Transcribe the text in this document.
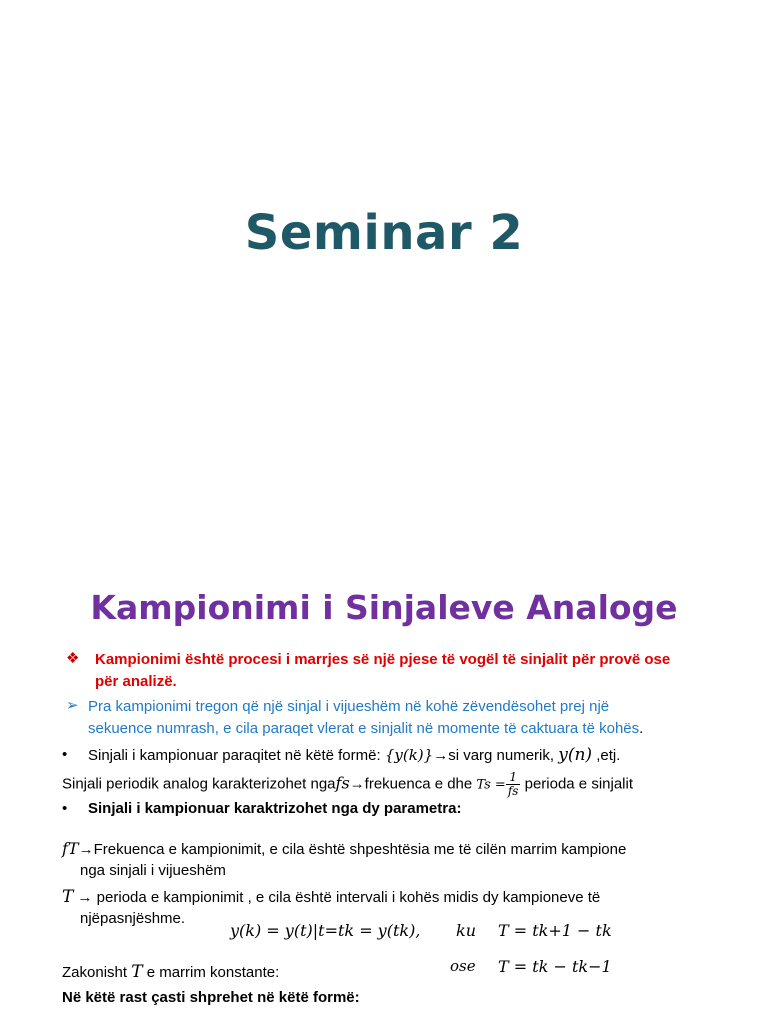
Seminar 2
Kampionimi i Sinjaleve Analoge
❖ Kampionimi është procesi i marrjes së një pjese të vogël të sinjalit për provë ose
për analizë.
➢ Pra kampionimi tregon që një sinjal i vijueshëm në kohë zëvendësohet prej një
sekuence numrash, e cila paraqet vlerat e sinjalit në momente të caktuara të kohës.
• Sinjali i kampionuar paraqitet në këtë formë: {y(k)}→si varg numerik, y(n) ,etj.
Sinjali periodik analog karakterizohet ngafs→frekuenca e dhe $Ts = \frac{1}{fs}$ perioda e sinjalit
• Sinjali i kampionuar karaktrizohet nga dy parametra:
fT→Frekuenca e kampionimit, e cila është shpeshtësia me të cilën marrim kampione
nga sinjali i vijueshëm
T → perioda e kampionimit , e cila është intervali i kohës midis dy kampioneve të
njëpasnjëshme.
y(k) = y(t)|t=tk = y(tk), ku T = tk+1 − tk
Zakonisht T e marrim konstante:	ose T = tk − tk−1
Në këtë rast çasti shprehet në këtë formë:
